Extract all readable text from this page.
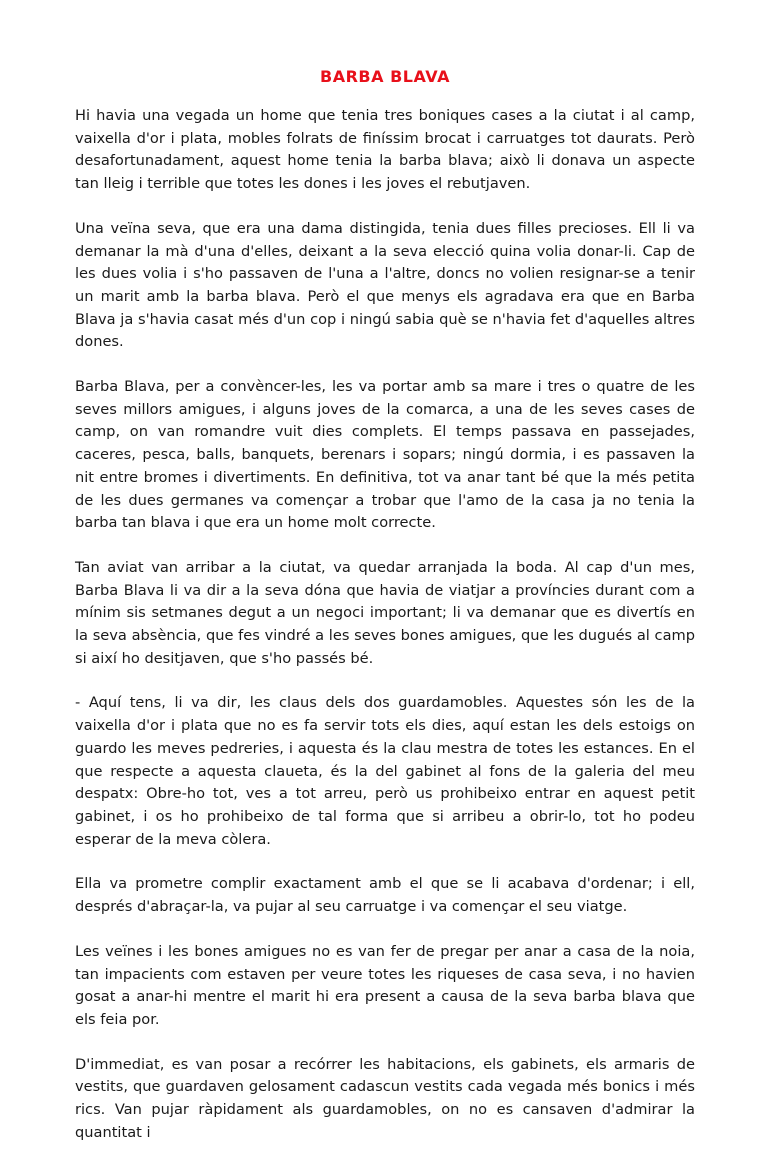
BARBA BLAVA

Hi havia una vegada un home que tenia tres boniques cases a la ciutat i al camp, vaixella d'or i plata, mobles folrats de finíssim brocat i carruatges tot daurats. Però desafortunadament, aquest home tenia la barba blava; això li donava un aspecte tan lleig i terrible que totes les dones i les joves el rebutjaven.

Una veïna seva, que era una dama distingida, tenia dues filles precioses. Ell li va demanar la mà d'una d'elles, deixant a la seva elecció quina volia donar-li. Cap de les dues volia i s'ho passaven de l'una a l'altre, doncs no volien resignar-se a tenir un marit amb la barba blava. Però el que menys els agradava era que en Barba Blava ja s'havia casat més d'un cop i ningú sabia què se n'havia fet d'aquelles altres dones.

Barba Blava, per a convèncer-les, les va portar amb sa mare i tres o quatre de les seves millors amigues, i alguns joves de la comarca, a una de les seves cases de camp, on van romandre vuit dies complets. El temps passava en passejades, caceres, pesca, balls, banquets, berenars i sopars; ningú dormia, i es passaven la nit entre bromes i divertiments. En definitiva, tot va anar tant bé que la més petita de les dues germanes va començar a trobar que l'amo de la casa ja no tenia la barba tan blava i que era un home molt correcte.

Tan aviat van arribar a la ciutat, va quedar arranjada la boda. Al cap d'un mes, Barba Blava li va dir a la seva dóna que havia de viatjar a províncies durant com a mínim sis setmanes degut a un negoci important; li va demanar que es divertís en la seva absència, que fes vindré a les seves bones amigues, que les dugués al camp si així ho desitjaven, que s'ho passés bé.

- Aquí tens, li va dir, les claus dels dos guardamobles. Aquestes són les de la vaixella d'or i plata que no es fa servir tots els dies, aquí estan les dels estoigs on guardo les meves pedreries, i aquesta és la clau mestra de totes les estances. En el que respecte a aquesta claueta, és la del gabinet al fons de la galeria del meu despatx: Obre-ho tot, ves a tot arreu, però us prohibeixo entrar en aquest petit gabinet, i os ho prohibeixo de tal forma que si arribeu a obrir-lo, tot ho podeu esperar de la meva còlera.

Ella va prometre complir exactament amb el que se li acabava d'ordenar; i ell, després d'abraçar-la, va pujar al seu carruatge i va començar el seu viatge.

Les veïnes i les bones amigues no es van fer de pregar per anar a casa de la noia, tan impacients com estaven per veure totes les riqueses de casa seva, i no havien gosat a anar-hi mentre el marit hi era present a causa de la seva barba blava que els feia por.

D'immediat, es van posar a recórrer les habitacions, els gabinets, els armaris de vestits, que guardaven gelosament cadascun vestits cada vegada més bonics i més rics. Van pujar ràpidament als guardamobles, on no es cansaven d'admirar la quantitat i
